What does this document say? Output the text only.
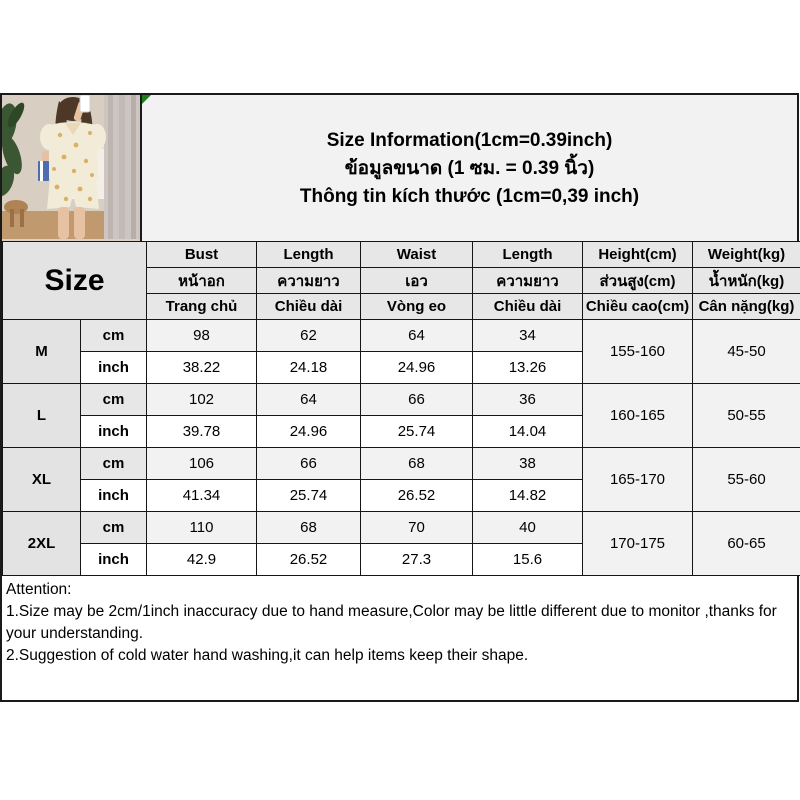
Size Information(1cm=0.39inch)
ข้อมูลขนาด (1 ซม. = 0.39 นิ้ว)
Thông tin kích thước (1cm=0,39 inch)
Size		Bust	Length	Waist	Length	Height(cm)	Weight(kg)
		หน้าอก	ความยาว	เอว	ความยาว	ส่วนสูง(cm)	น้ำหนัก(kg)
		Trang chủ	Chiều dài	Vòng eo	Chiều dài	Chiều cao(cm)	Cân nặng(kg)
M	cm	98	62	64	34	155-160	45-50
	inch	38.22	24.18	24.96	13.26		
L	cm	102	64	66	36	160-165	50-55
	inch	39.78	24.96	25.74	14.04		
XL	cm	106	66	68	38	165-170	55-60
	inch	41.34	25.74	26.52	14.82		
2XL	cm	110	68	70	40	170-175	60-65
	inch	42.9	26.52	27.3	15.6		
Attention:
1.Size may be 2cm/1inch inaccuracy due to hand measure,Color may be little different due to monitor ,thanks for your understanding.
2.Suggestion of cold water hand washing,it can help items keep their shape.
